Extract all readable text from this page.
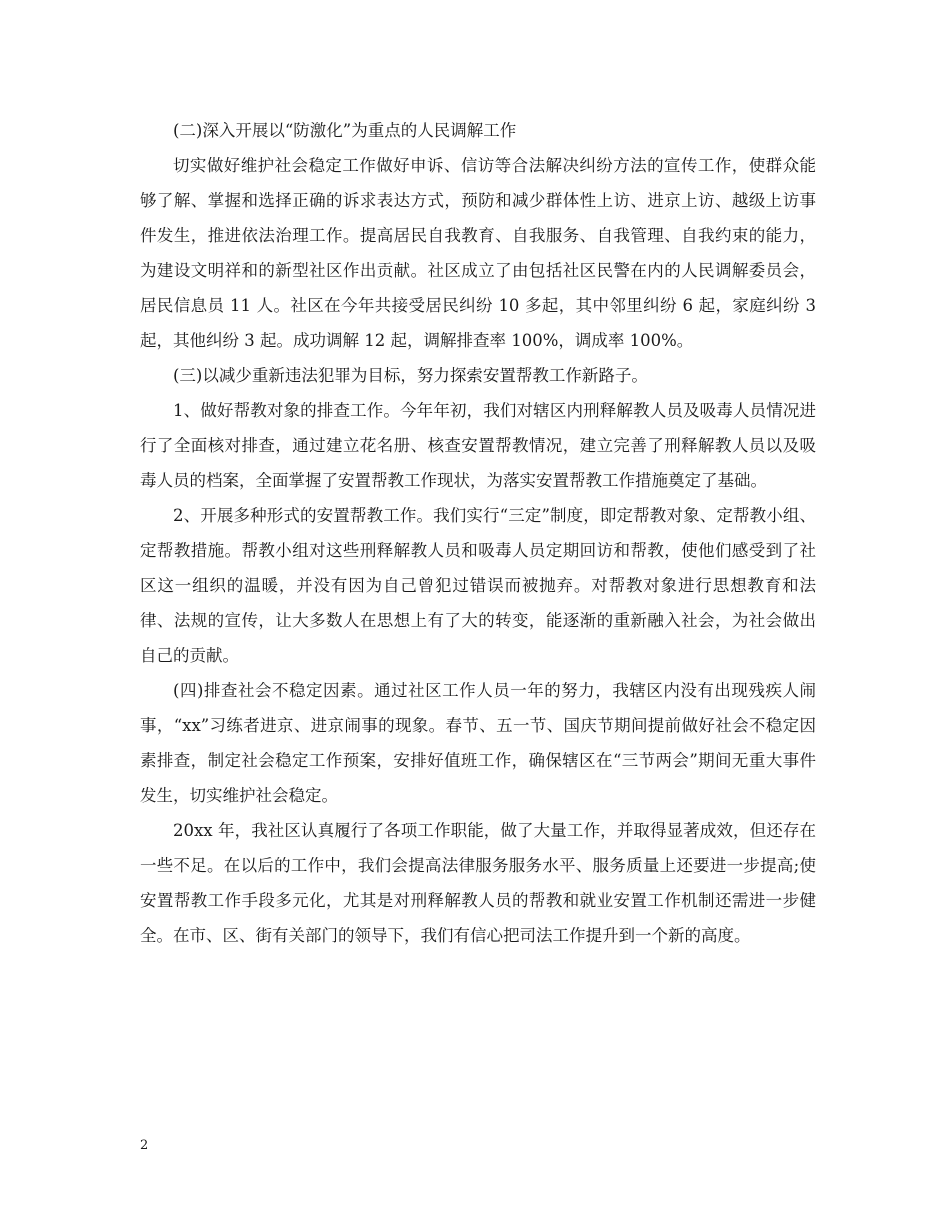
(二)深入开展以“防激化”为重点的人民调解工作

切实做好维护社会稳定工作做好申诉、信访等合法解决纠纷方法的宣传工作，使群众能够了解、掌握和选择正确的诉求表达方式，预防和减少群体性上访、进京上访、越级上访事件发生，推进依法治理工作。提高居民自我教育、自我服务、自我管理、自我约束的能力，为建设文明祥和的新型社区作出贡献。社区成立了由包括社区民警在内的人民调解委员会，居民信息员 11 人。社区在今年共接受居民纠纷 10 多起，其中邻里纠纷 6 起，家庭纠纷 3 起，其他纠纷 3 起。成功调解 12 起，调解排查率 100%，调成率 100%。

(三)以减少重新违法犯罪为目标，努力探索安置帮教工作新路子。

1、做好帮教对象的排查工作。今年年初，我们对辖区内刑释解教人员及吸毒人员情况进行了全面核对排查，通过建立花名册、核查安置帮教情况，建立完善了刑释解教人员以及吸毒人员的档案，全面掌握了安置帮教工作现状，为落实安置帮教工作措施奠定了基础。

2、开展多种形式的安置帮教工作。我们实行“三定”制度，即定帮教对象、定帮教小组、定帮教措施。帮教小组对这些刑释解教人员和吸毒人员定期回访和帮教，使他们感受到了社区这一组织的温暖，并没有因为自己曾犯过错误而被抛弃。对帮教对象进行思想教育和法律、法规的宣传，让大多数人在思想上有了大的转变，能逐渐的重新融入社会，为社会做出自己的贡献。

(四)排查社会不稳定因素。通过社区工作人员一年的努力，我辖区内没有出现残疾人闹事，“xx”习练者进京、进京闹事的现象。春节、五一节、国庆节期间提前做好社会不稳定因素排查，制定社会稳定工作预案，安排好值班工作，确保辖区在“三节两会”期间无重大事件发生，切实维护社会稳定。

20xx 年，我社区认真履行了各项工作职能，做了大量工作，并取得显著成效，但还存在一些不足。在以后的工作中，我们会提高法律服务服务水平、服务质量上还要进一步提高;使安置帮教工作手段多元化，尤其是对刑释解教人员的帮教和就业安置工作机制还需进一步健全。在市、区、街有关部门的领导下，我们有信心把司法工作提升到一个新的高度。

2
